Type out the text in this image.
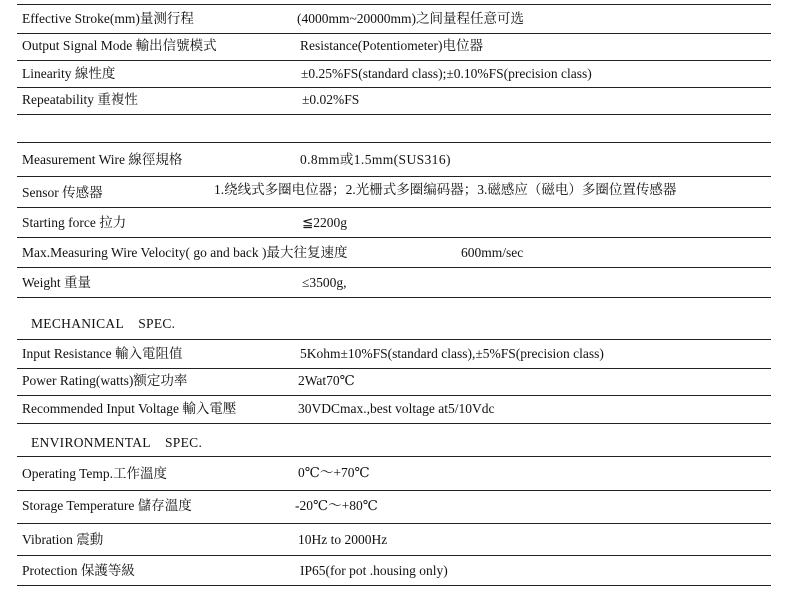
Effective Stroke(mm)量测行程	(4000mm~20000mm)之间量程任意可选
Output Signal Mode 輸出信號模式	Resistance(Potentiometer)电位器
Linearity 線性度	±0.25%FS(standard class);±0.10%FS(precision class)
Repeatability 重複性	±0.02%FS
Measurement Wire 線徑規格	0.8mm或1.5mm(SUS316)
Sensor 传感器	1.绕线式多圈电位器；2.光栅式多圈编码器；3.磁感应（磁电）多圈位置传感器
Starting force 拉力	≦2200g
Max.Measuring Wire Velocity( go and back )最大往复速度	600mm/sec
Weight 重量	≤3500g,
MECHANICAL    SPEC.
Input Resistance 輸入電阻值	5Kohm±10%FS(standard class),±5%FS(precision class)
Power Rating(watts)额定功率	2Wat70℃
Recommended Input Voltage 輸入電壓	30VDCmax.,best voltage at5/10Vdc
ENVIRONMENTAL    SPEC.
Operating Temp.工作溫度	0℃～+70℃
Storage Temperature 儲存溫度	-20℃～+80℃
Vibration 震動	10Hz to 2000Hz
Protection 保護等級	IP65(for pot .housing only)
